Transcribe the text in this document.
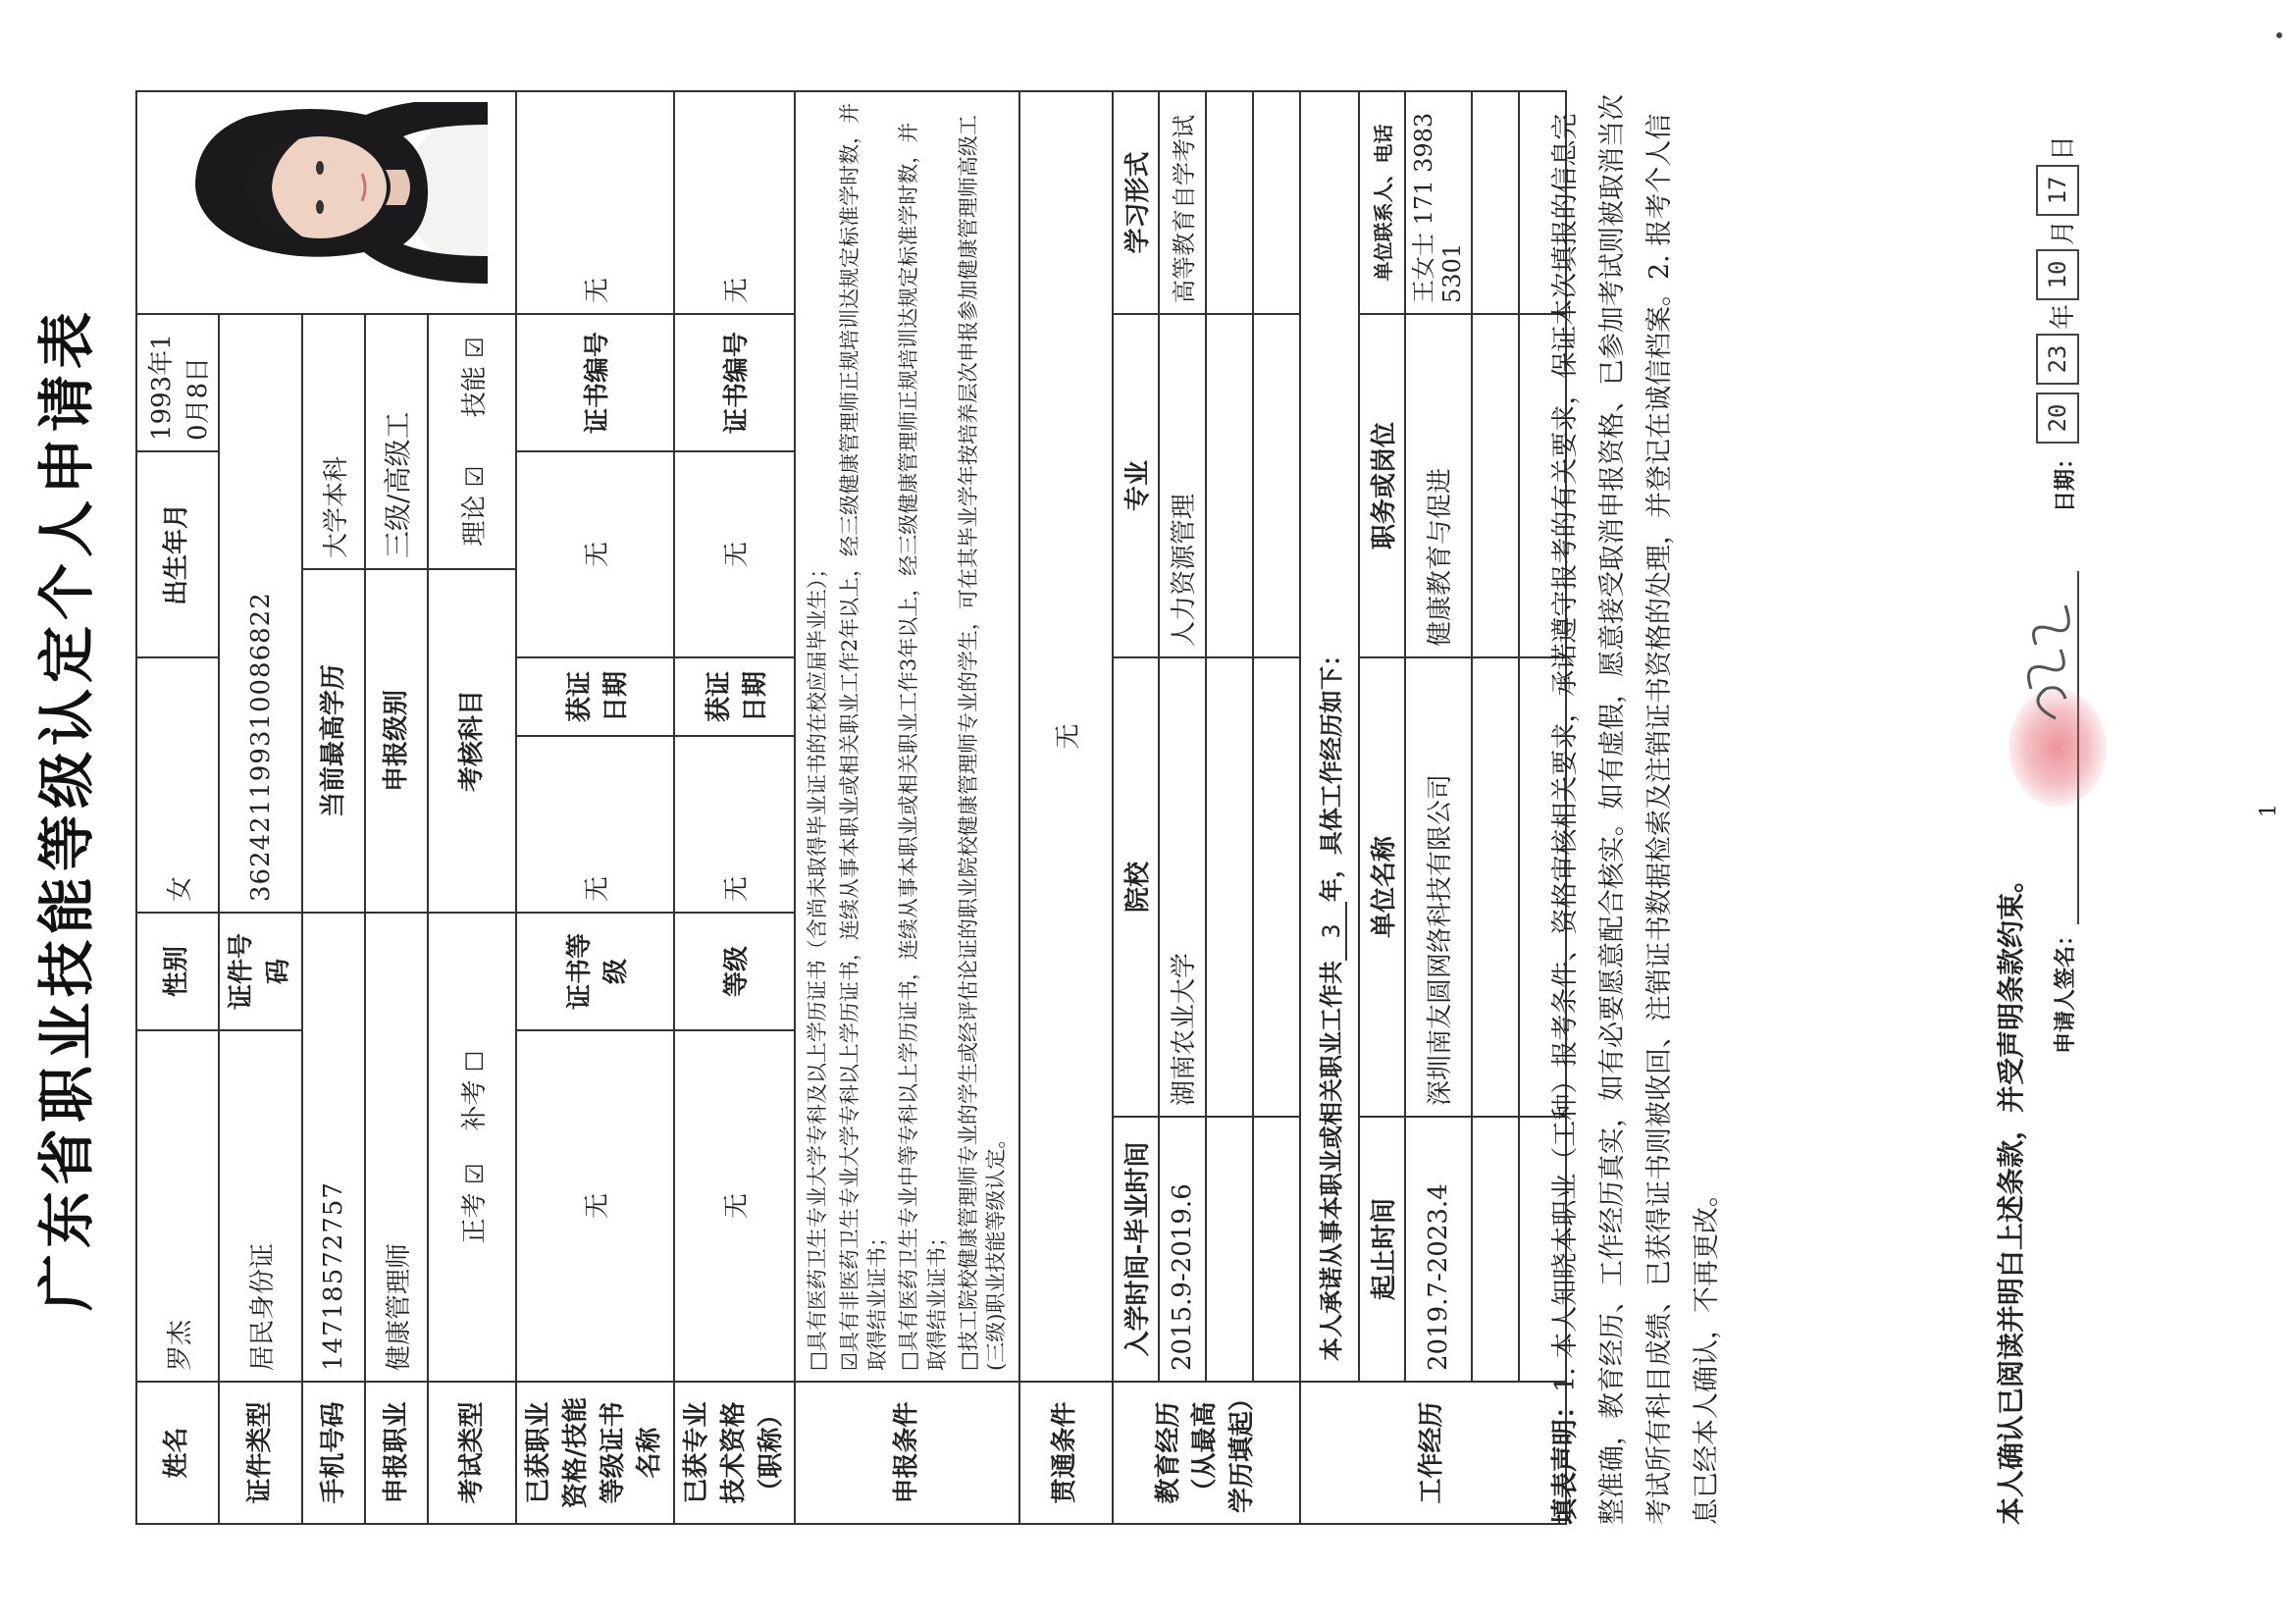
广东省职业技能等级认定个人申请表
姓名	罗杰		性别	女		出生年月		1993年10月8日	

证件类型	居民身份证		证件号码	362421199310086822					
手机号码	14718572757			当前最高学历			大学本科		
申报职业	健康管理师			申报级别			三级/高级工		
考试类型	正考 ☑    补考 ☐			考核科目			理论 ☑      技能 ☑		
已获职业资格/技能等级证书名称	无		证书等级	无	获证日期	无		证书编号	无
已获专业技术资格（职称）	无		等级	无	获证日期	无		证书编号	无
申报条件	□具有医药卫生专业大学专科及以上学历证书（含尚未取得毕业证书的在校应届毕业生）； ☑具有非医药卫生专业大学专科以上学历证书，连续从事本职业或相关职业工作2年以上，经三级健康管理师正规培训达规定标准学时数，并取得结业证书； □具有医药卫生专业中等专科以上学历证书，连续从事本职业或相关职业工作3年以上，经三级健康管理师正规培训达规定标准学时数，并取得结业证书； □技工院校健康管理师专业的学生或经评估论证的职业院校健康管理师专业的学生，可在其毕业学年按培养层次申报参加健康管理师高级工(三级)职业技能等级认定。								

贯通条件	无								
教育经历（从最高学历填起）	入学时间-毕业时间	院校				专业			学习形式
	2015.9-2019.6	湖南农业大学				人力资源管理			高等教育自学考试

工作经历	本人承诺从事本职业或相关职业工作共3年，具体工作经历如下：								
	起止时间	单位名称				职务或岗位			单位联系人、电话
	2019.7-2023.4	深圳南友圆网络科技有限公司				健康教育与促进			王女士 171 3983 5301

填表声明：1. 本人知晓本职业（工种）报考条件、资格审核相关要求，承诺遵守报考的有关要求，保证本次填报的信息完整准确，教育经历、工作经历真实，如有必要愿意配合核实。如有虚假，愿意接受取消申报资格、已参加考试则被取消当次考试所有科目成绩、已获得证书则被收回、注销证书数据检索及注销证书资格的处理，并登记在诚信档案。2. 报考个人信息已经本人确认，不再更改。	本人确认已阅读并明白上述条款，并受声明条款约束。 申请人签名：
日期：
20
23
年
10
月
17
日
1
